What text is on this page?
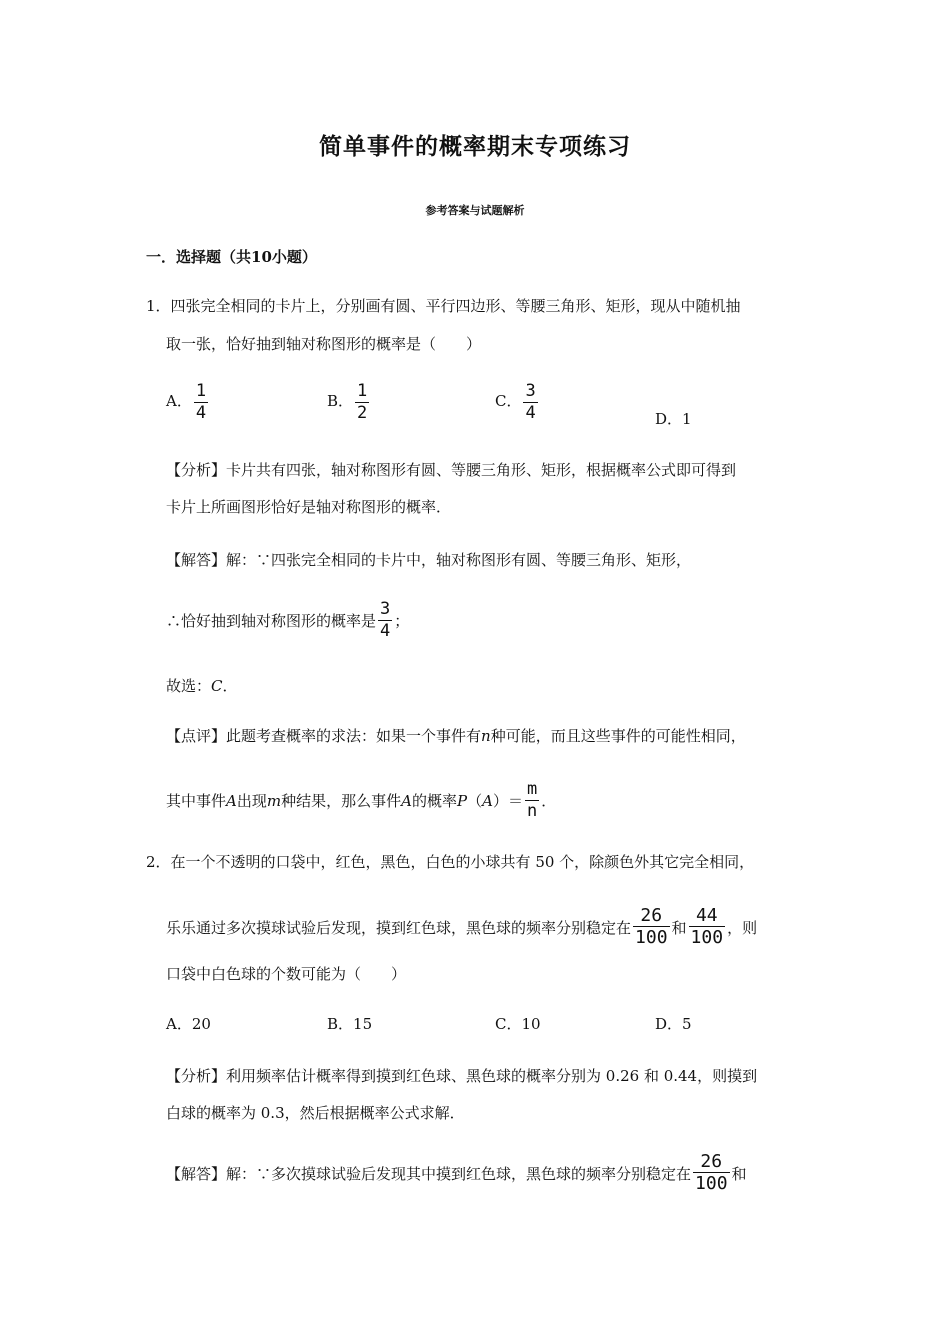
简单事件的概率期末专项练习
参考答案与试题解析
一．选择题（共10小题）
1．四张完全相同的卡片上，分别画有圆、平行四边形、等腰三角形、矩形，现从中随机抽
取一张，恰好抽到轴对称图形的概率是（　　）
A． $\frac{1}{4}$	B． $\frac{1}{2}$	C． $\frac{3}{4}$	D．1
【分析】卡片共有四张，轴对称图形有圆、等腰三角形、矩形，根据概率公式即可得到
卡片上所画图形恰好是轴对称图形的概率．
【解答】解：∵四张完全相同的卡片中，轴对称图形有圆、等腰三角形、矩形，
∴恰好抽到轴对称图形的概率是 $\frac{3}{4}$ ；
故选：C．
【点评】此题考查概率的求法：如果一个事件有n种可能，而且这些事件的可能性相同，
其中事件A出现m种结果，那么事件A的概率$P(A)= \frac{m}{n}$ ．
2．在一个不透明的口袋中，红色，黑色，白色的小球共有 50 个，除颜色外其它完全相同，
乐乐通过多次摸球试验后发现，摸到红色球，黑色球的频率分别稳定在 $\frac{26}{100}$ 和 $\frac{44}{100}$ ，则
口袋中白色球的个数可能为（　　）
A．20	B．15	C．10	D．5
【分析】利用频率估计概率得到摸到红色球、黑色球的概率分别为 0.26 和 0.44，则摸到
白球的概率为 0.3，然后根据概率公式求解．
【解答】解：∵多次摸球试验后发现其中摸到红色球，黑色球的频率分别稳定在 $\frac{26}{100}$ 和
